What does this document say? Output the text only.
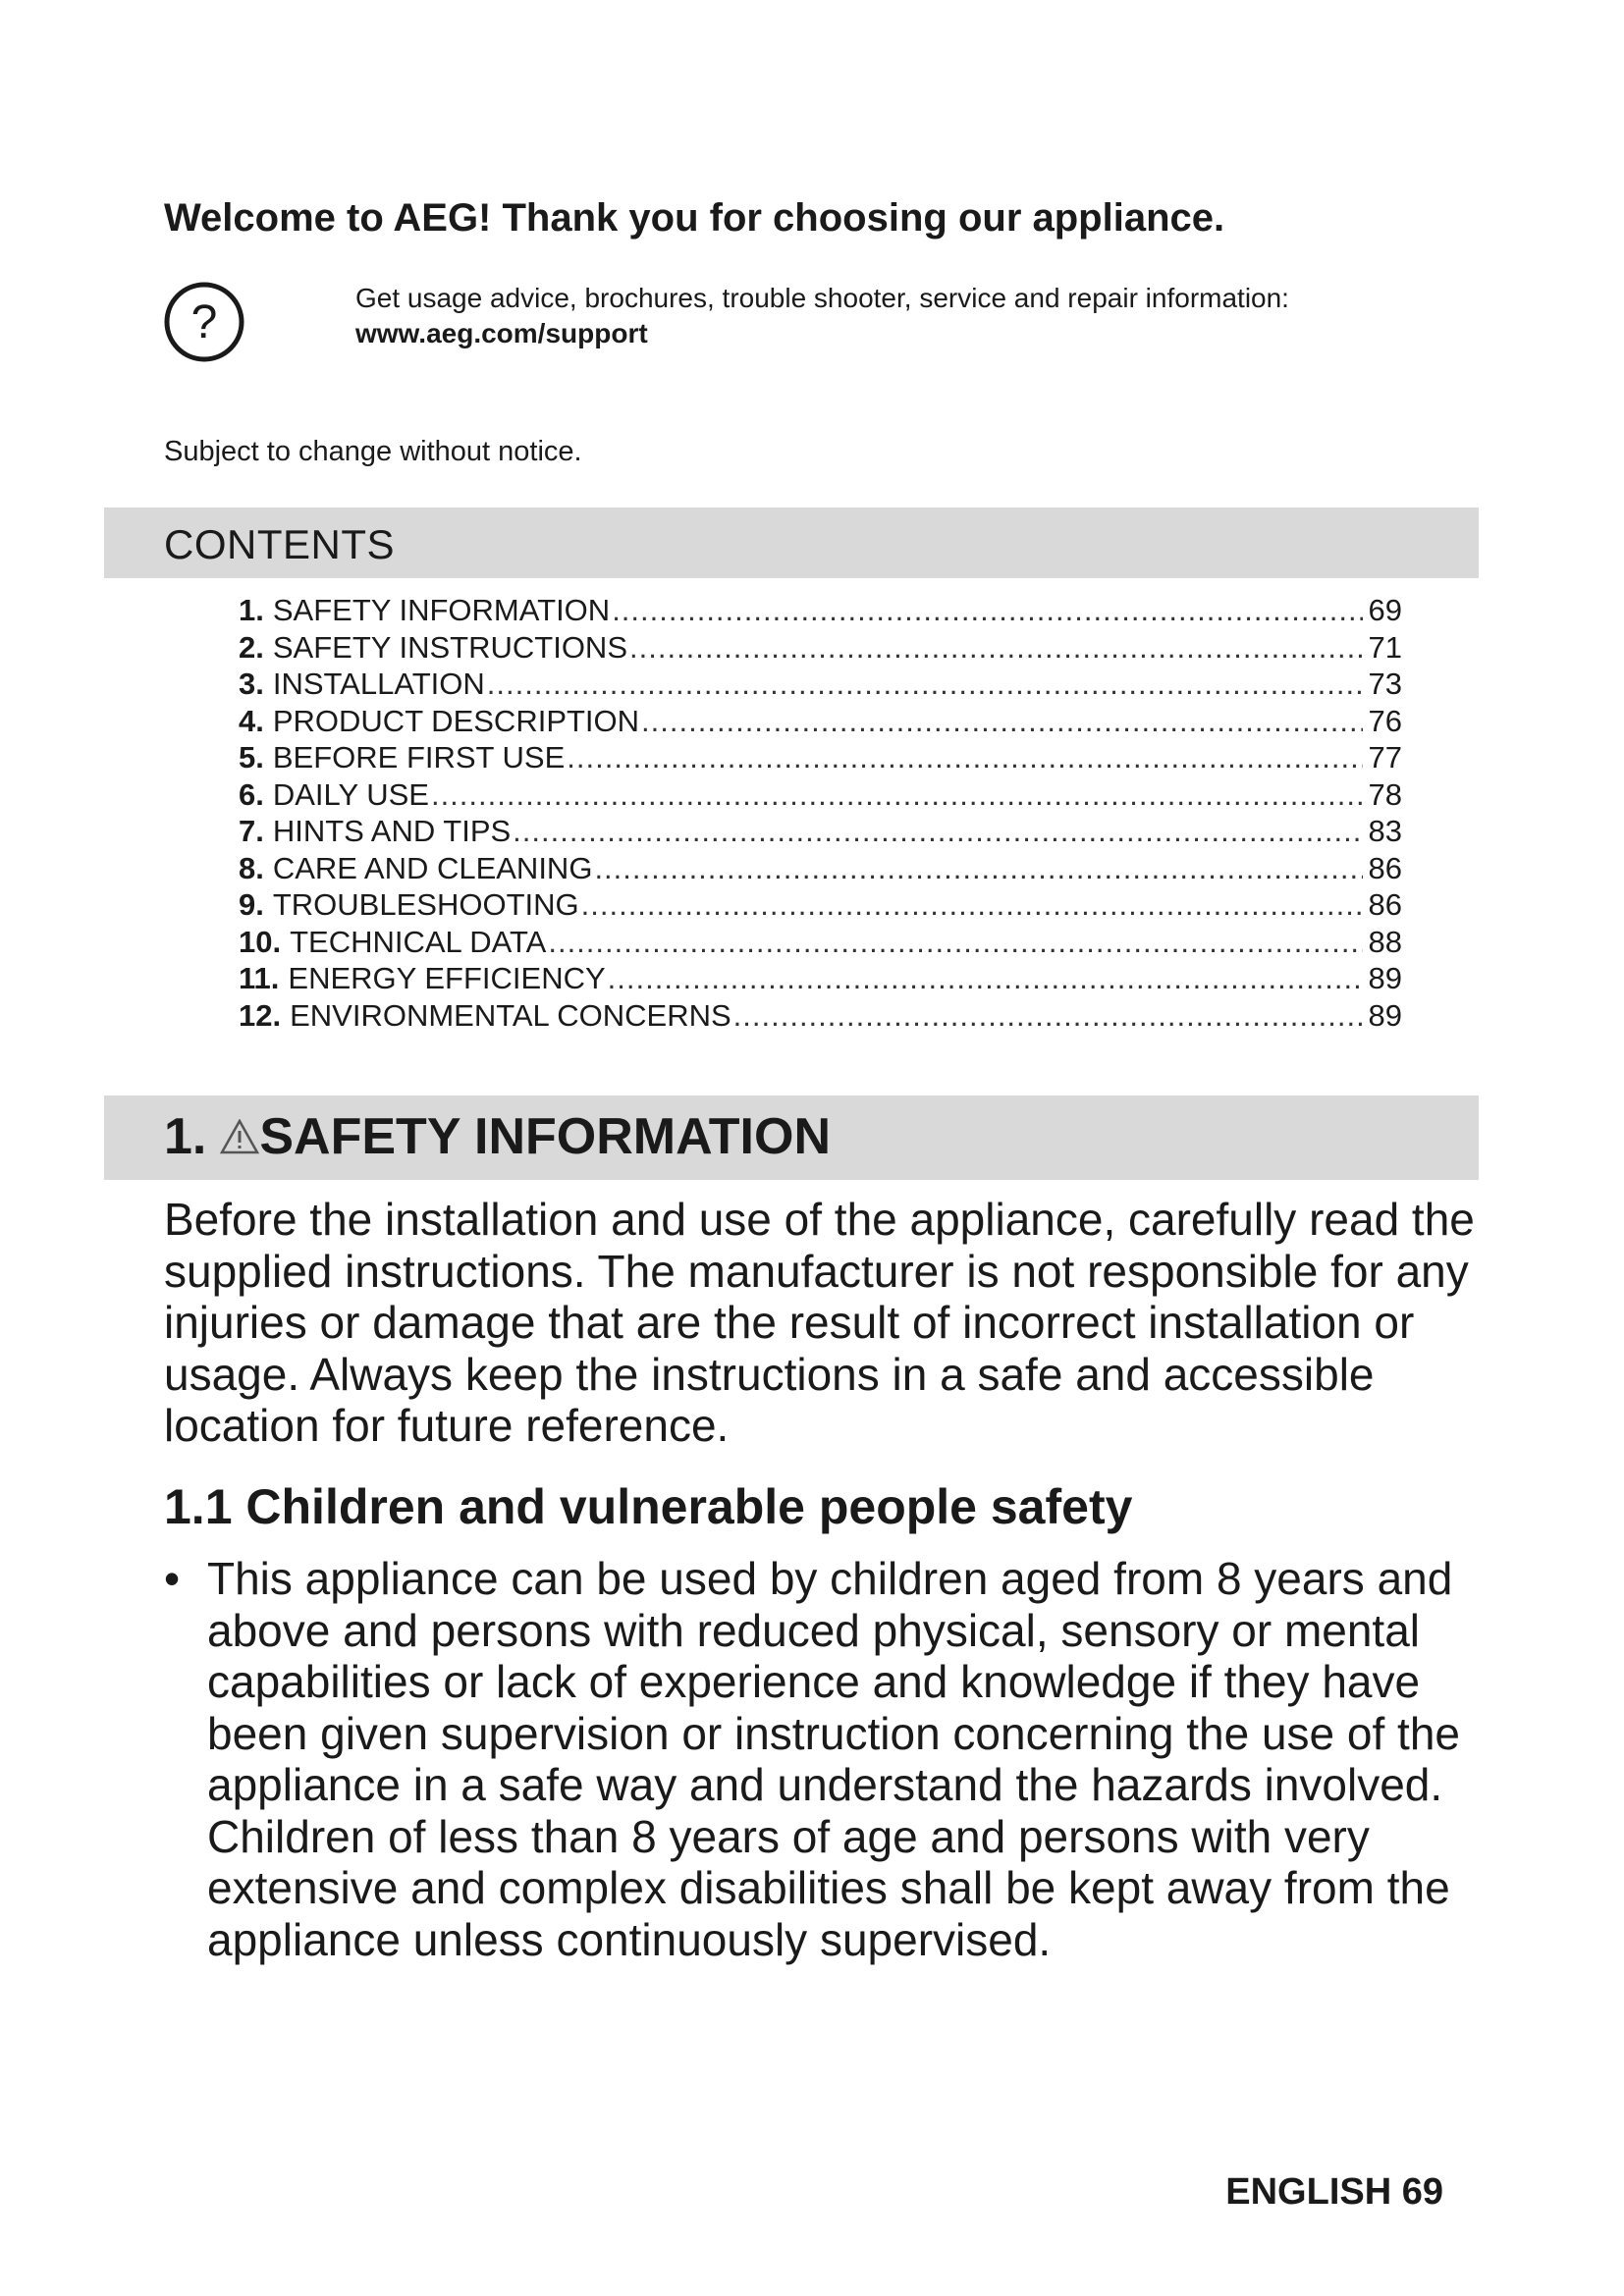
Welcome to AEG! Thank you for choosing our appliance.
?	Get usage advice, brochures, trouble shooter, service and repair information:
www.aeg.com/support
Subject to change without notice.
CONTENTS
1. SAFETY INFORMATION .....	69
2. SAFETY INSTRUCTIONS .....	71
3. INSTALLATION .....	73
4. PRODUCT DESCRIPTION .....	76
5. BEFORE FIRST USE .....	77
6. DAILY USE .....	78
7. HINTS AND TIPS .....	83
8. CARE AND CLEANING .....	86
9. TROUBLESHOOTING .....	86
10. TECHNICAL DATA .....	88
11. ENERGY EFFICIENCY .....	89
12. ENVIRONMENTAL CONCERNS .....	89
1. SAFETY INFORMATION
Before the installation and use of the appliance, carefully read the supplied instructions. The manufacturer is not responsible for any injuries or damage that are the result of incorrect installation or usage. Always keep the instructions in a safe and accessible location for future reference.
1.1 Children and vulnerable people safety
• This appliance can be used by children aged from 8 years and above and persons with reduced physical, sensory or mental capabilities or lack of experience and knowledge if they have been given supervision or instruction concerning the use of the appliance in a safe way and understand the hazards involved. Children of less than 8 years of age and persons with very extensive and complex disabilities shall be kept away from the appliance unless continuously supervised.
ENGLISH 69
